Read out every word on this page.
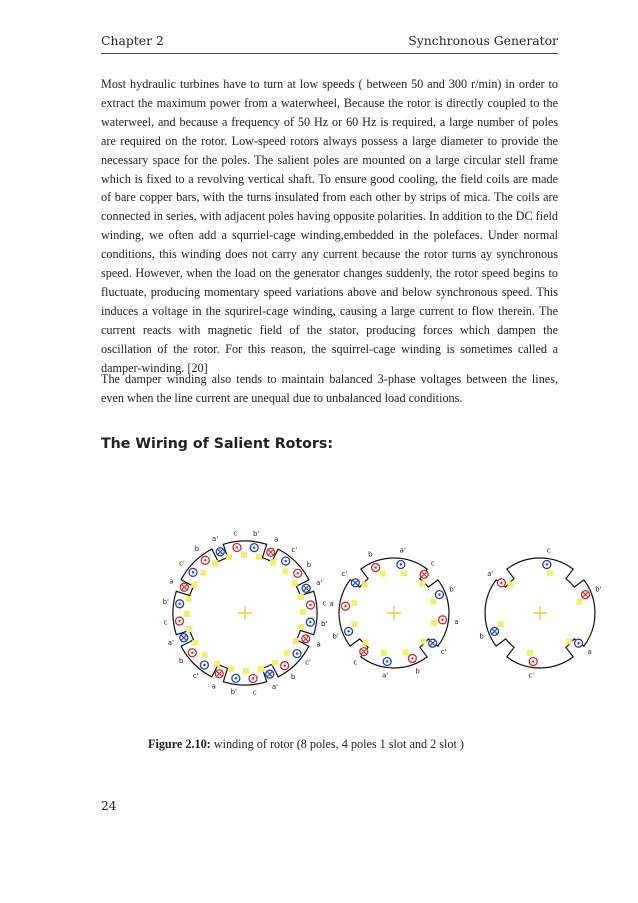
Chapter 2	Synchronous Generator

Most hydraulic turbines have to turn at low speeds ( between 50 and 300 r/min) in order to extract the maximum power from a waterwheel, Because the rotor is directly coupled to the waterweel, and because a frequency of 50 Hz or 60 Hz is required, a large number of poles are required on the rotor. Low-speed rotors always possess a large diameter to provide the necessary space for the poles. The salient poles are mounted on a large circular stell frame which is fixed to a revolving vertical shaft. To ensure good cooling, the field coils are made of bare copper bars, with the turns insulated from each other by strips of mica. The coils are connected in series, with adjacent poles having opposite polarities. In addition to the DC field winding, we often add a squrriel-cage winding,embedded in the polefaces. Under normal conditions, this winding does not carry any current because the rotor turns ay synchronous speed. However, when the load on the generator changes suddenly, the rotor speed begins to fluctuate, producing momentary speed variations above and below synchronous speed. This induces a voltage in the squrirel-cage winding, causing a large current to flow therein. The current reacts with magnetic field of the stator, producing forces which dampen the oscillation of the rotor. For this reason, the squirrel-cage winding is sometimes called a damper-winding. [20]

The damper winding also tends to maintain balanced 3-phase voltages between the lines, even when the line current are unequal due to unbalanced load conditions.

The Wiring of Salient Rotors:
b'
a
c'
b
a'
c
b'
a
c'
b
a'
c
b'
a
c'
b
a'
c
b'
a
c'
b
a'
c
a'
c
b'
a
c'
b
a'
c
b'
a
c'
b	c
b'
a
c'
b
a'
Figure 2.10: winding of rotor (8 poles, 4 poles 1 slot and 2 slot )
24
